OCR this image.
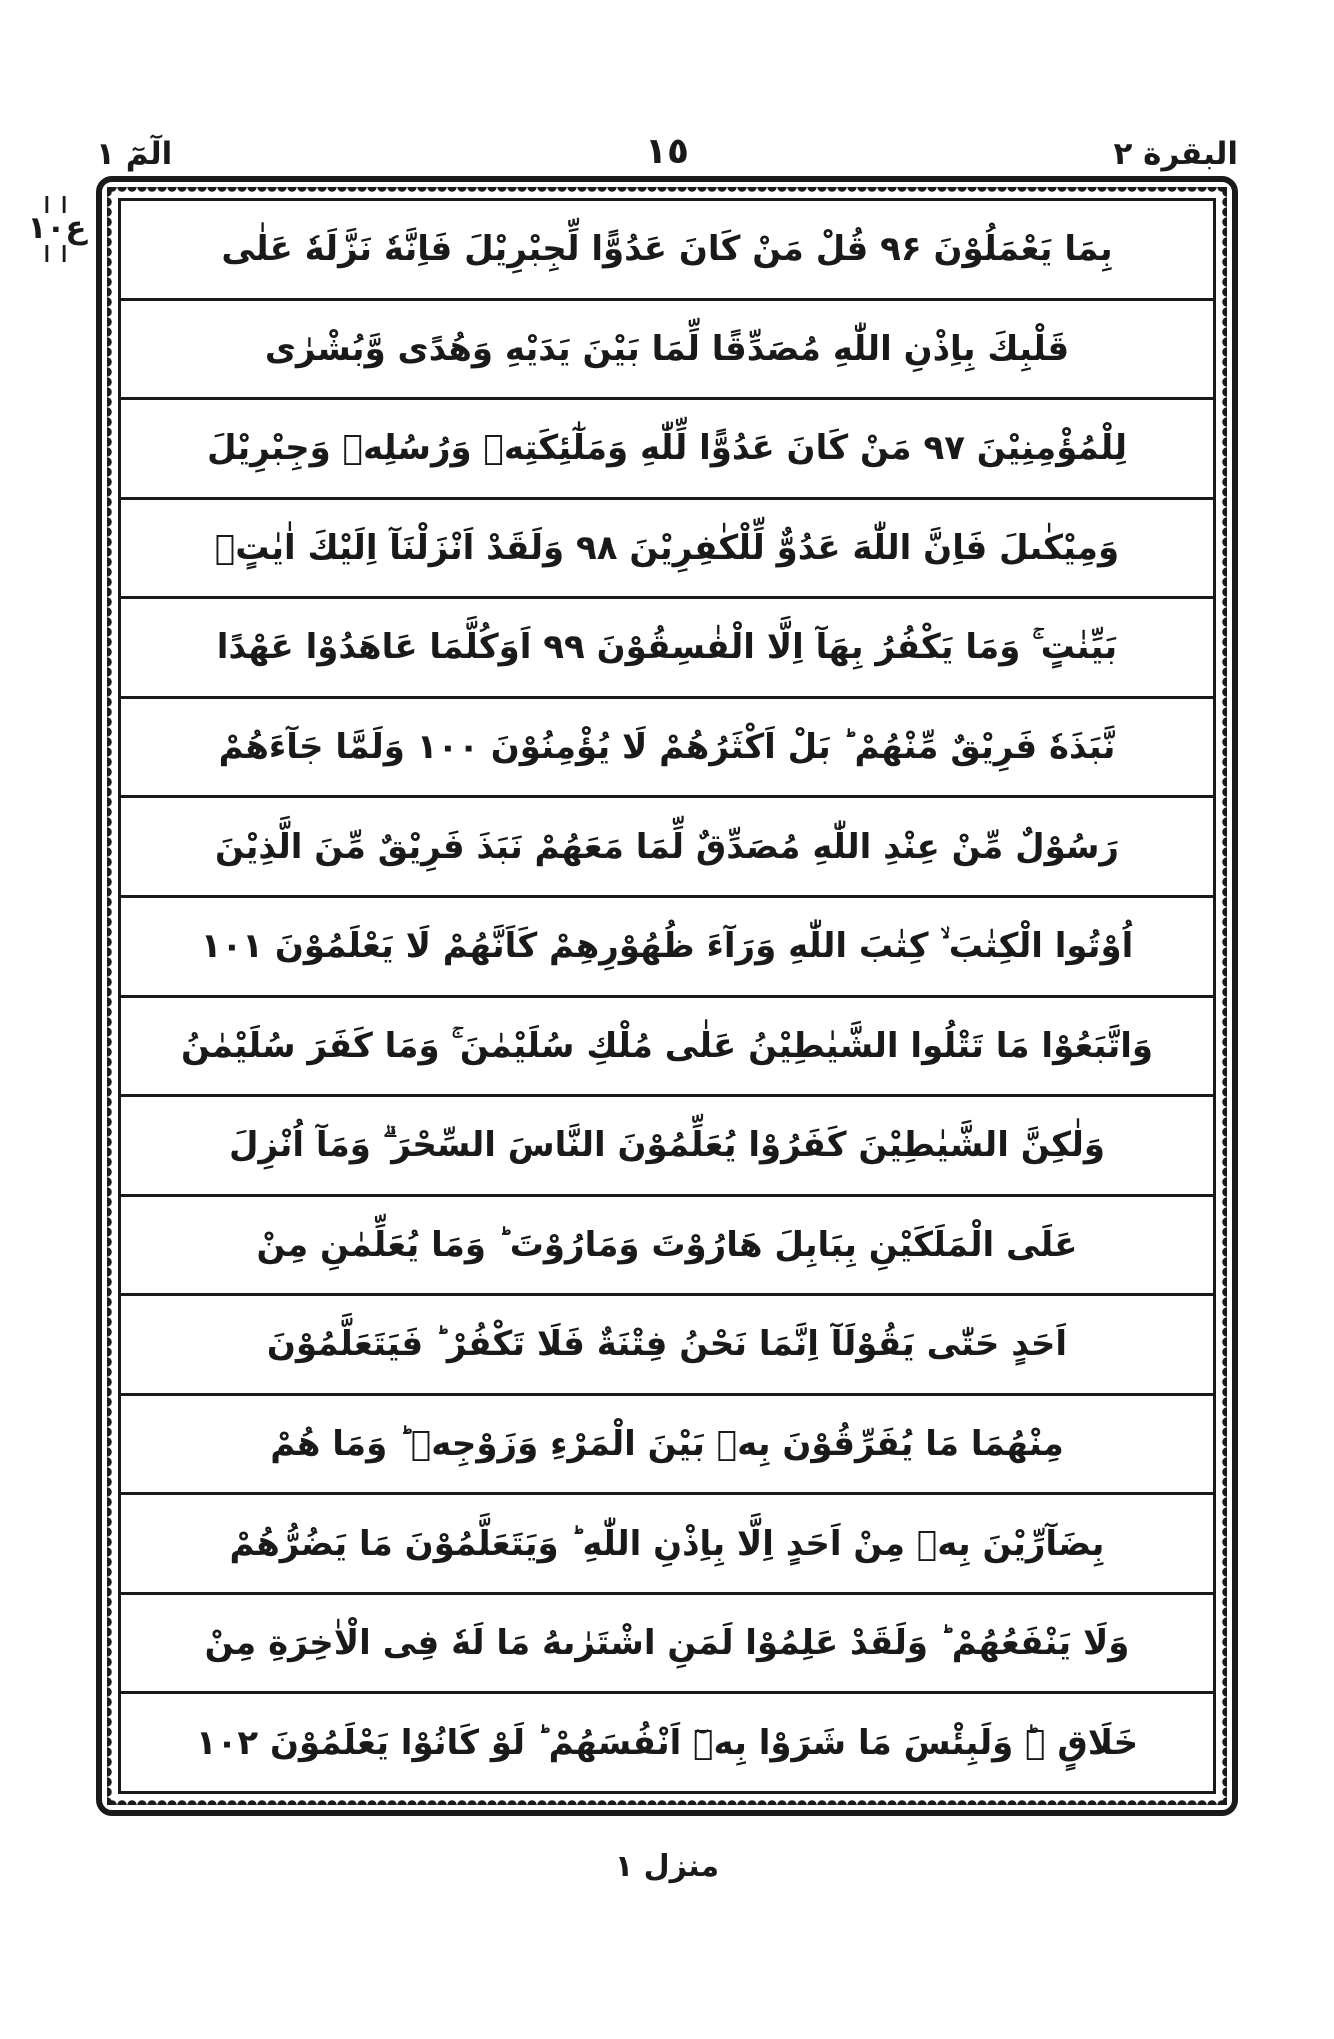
الٓمٓ ١	البقرة ٢
١٥
❙❙
ع١٠
❙❙	بِمَا يَعْمَلُوْنَ ۹۶ قُلْ مَنْ كَانَ عَدُوًّا لِّجِبْرِيْلَ فَاِنَّهٗ نَزَّلَهٗ عَلٰى
قَلْبِكَ بِاِذْنِ اللّٰهِ مُصَدِّقًا لِّمَا بَيْنَ يَدَيْهِ وَهُدًى وَّبُشْرٰى
لِلْمُؤْمِنِيْنَ ۹۷ مَنْ كَانَ عَدُوًّا لِّلّٰهِ وَمَلٰٓئِكَتِهٖ وَرُسُلِهٖ وَجِبْرِيْلَ
وَمِيْكٰىلَ فَاِنَّ اللّٰهَ عَدُوٌّ لِّلْكٰفِرِيْنَ ۹۸ وَلَقَدْ اَنْزَلْنَآ اِلَيْكَ اٰيٰتٍۭ
بَيِّنٰتٍ ۚ وَمَا يَكْفُرُ بِهَآ اِلَّا الْفٰسِقُوْنَ ۹۹ اَوَكُلَّمَا عَاهَدُوْا عَهْدًا
نَّبَذَهٗ فَرِيْقٌ مِّنْهُمْ ؕ بَلْ اَكْثَرُهُمْ لَا يُؤْمِنُوْنَ ۱۰۰ وَلَمَّا جَآءَهُمْ
رَسُوْلٌ مِّنْ عِنْدِ اللّٰهِ مُصَدِّقٌ لِّمَا مَعَهُمْ نَبَذَ فَرِيْقٌ مِّنَ الَّذِيْنَ
اُوْتُوا الْكِتٰبَ ۙ كِتٰبَ اللّٰهِ وَرَآءَ ظُهُوْرِهِمْ كَاَنَّهُمْ لَا يَعْلَمُوْنَ ۱۰۱
وَاتَّبَعُوْا مَا تَتْلُوا الشَّيٰطِيْنُ عَلٰى مُلْكِ سُلَيْمٰنَ ۚ وَمَا كَفَرَ سُلَيْمٰنُ
وَلٰكِنَّ الشَّيٰطِيْنَ كَفَرُوْا يُعَلِّمُوْنَ النَّاسَ السِّحْرَ ۗ وَمَآ اُنْزِلَ
عَلَى الْمَلَكَيْنِ بِبَابِلَ هَارُوْتَ وَمَارُوْتَ ؕ وَمَا يُعَلِّمٰنِ مِنْ
اَحَدٍ حَتّٰى يَقُوْلَآ اِنَّمَا نَحْنُ فِتْنَةٌ فَلَا تَكْفُرْ ؕ فَيَتَعَلَّمُوْنَ
مِنْهُمَا مَا يُفَرِّقُوْنَ بِهٖ بَيْنَ الْمَرْءِ وَزَوْجِهٖ ؕ وَمَا هُمْ
بِضَآرِّيْنَ بِهٖ مِنْ اَحَدٍ اِلَّا بِاِذْنِ اللّٰهِ ؕ وَيَتَعَلَّمُوْنَ مَا يَضُرُّهُمْ
وَلَا يَنْفَعُهُمْ ؕ وَلَقَدْ عَلِمُوْا لَمَنِ اشْتَرٰىهُ مَا لَهٗ فِى الْاٰخِرَةِ مِنْ
خَلَاقٍ ۣؕ وَلَبِئْسَ مَا شَرَوْا بِهٖٓ اَنْفُسَهُمْ ؕ لَوْ كَانُوْا يَعْلَمُوْنَ ۱۰۲
منزل ١
